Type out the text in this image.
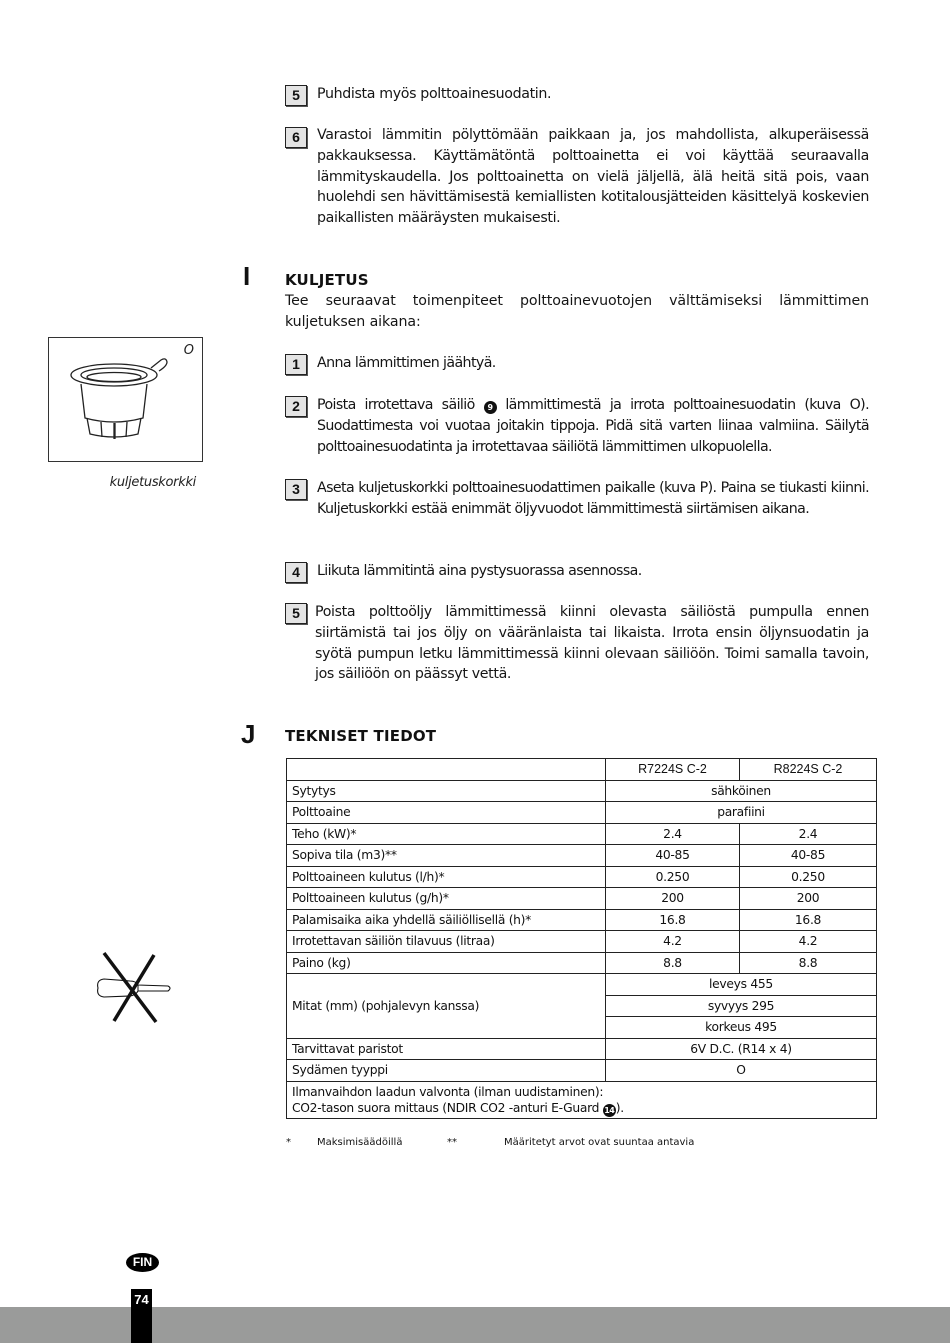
5	Puhdista myös polttoainesuodatin.
6	Varastoi lämmitin pölyttömään paikkaan ja, jos mahdollista, alkuperäisessä pakkauksessa. Käyttämätöntä polttoainetta ei voi käyttää seuraavalla lämmityskaudella. Jos polttoainetta on vielä jäljellä, älä heitä sitä pois, vaan huolehdi sen hävittämisestä kemiallisten kotitalousjätteiden käsittelyä koskevien paikallisten määräysten mukaisesti.
I KULJETUS
Tee seuraavat toimenpiteet polttoainevuotojen välttämiseksi lämmittimen kuljetuksen aikana:
O
kuljetuskorkki
1	Anna lämmittimen jäähtyä.
2	Poista irrotettava säiliö 9 lämmittimestä ja irrota polttoainesuodatin (kuva O). Suodattimesta voi vuotaa joitakin tippoja. Pidä sitä varten liinaa valmiina. Säilytä polttoainesuodatinta ja irrotettavaa säiliötä lämmittimen ulkopuolella.
3	Aseta kuljetuskorkki polttoainesuodattimen paikalle (kuva P). Paina se tiukasti kiinni. Kuljetuskorkki estää enimmät öljyvuodot lämmittimestä siirtämisen aikana.
4	Liikuta lämmitintä aina pystysuorassa asennossa.
5	Poista polttoöljy lämmittimessä kiinni olevasta säiliöstä pumpulla ennen siirtämistä tai jos öljy on vääränlaista tai likaista. Irrota ensin öljynsuodatin ja syötä pumpun letku lämmittimessä kiinni olevaan säiliöön. Toimi samalla tavoin, jos säiliöön on päässyt vettä.
J TEKNISET TIEDOT
	R7224S C-2	R8224S C-2
Sytytys	sähköinen	
Polttoaine	parafiini	
Teho (kW)*	2.4	2.4
Sopiva tila (m3)**	40-85	40-85
Polttoaineen kulutus (l/h)*	0.250	0.250
Polttoaineen kulutus (g/h)*	200	200
Palamisaika aika yhdellä säiliöllisellä (h)*	16.8	16.8
Irrotettavan säiliön tilavuus (litraa)	4.2	4.2
Paino (kg)	8.8	8.8
Mitat (mm) (pohjalevyn kanssa)	leveys 455	
	syvyys 295	
	korkeus 495	
Tarvittavat paristot	6V D.C. (R14 x 4)	
Sydämen tyyppi	O	

Ilmanvaihdon laadun valvonta (ilman uudistaminen):
CO2-tason suora mittaus (NDIR CO2 -anturi E-Guard 14).		
*	Maksimisäädöillä	**	Määritetyt arvot ovat suuntaa antavia
FIN
74
